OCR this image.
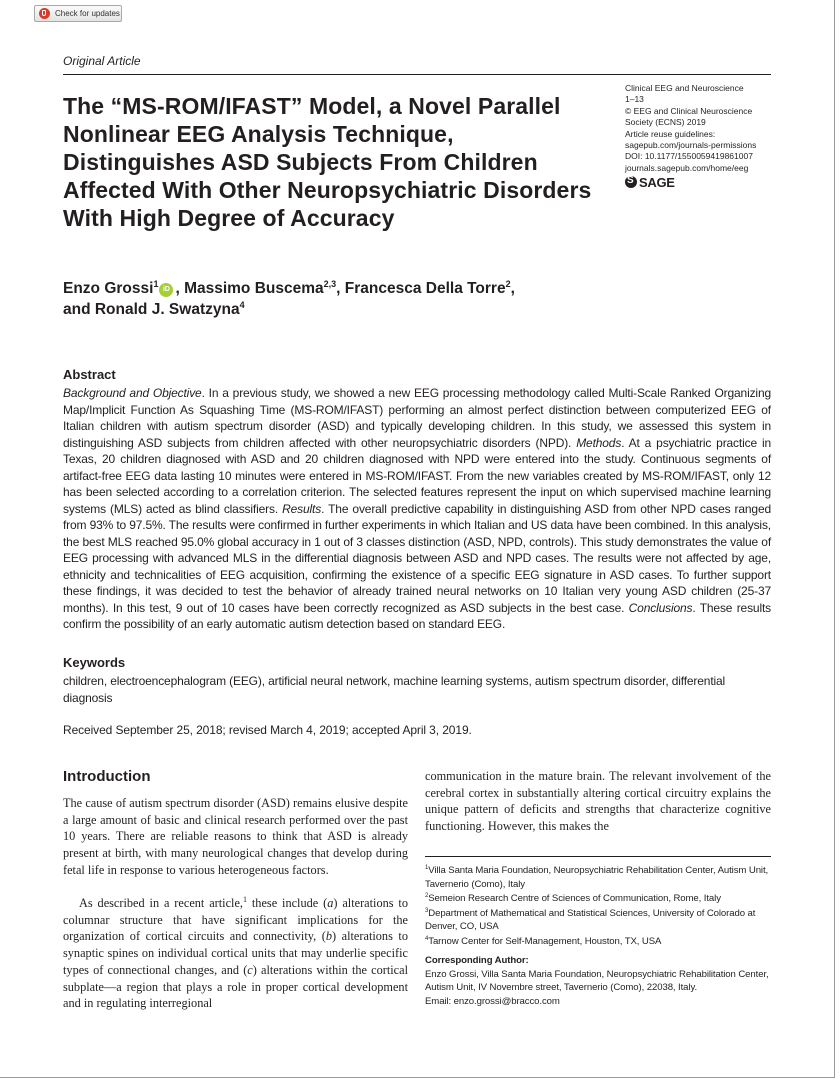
Check for updates
Original Article
The “MS-ROM/IFAST” Model, a Novel Parallel Nonlinear EEG Analysis Technique, Distinguishes ASD Subjects From Children Affected With Other Neuropsychiatric Disorders With High Degree of Accuracy
Clinical EEG and Neuroscience
1–13
© EEG and Clinical Neuroscience
Society (ECNS) 2019
Article reuse guidelines:
sagepub.com/journals-permissions
DOI: 10.1177/1550059419861007
journals.sagepub.com/home/eeg
S
SAGE
Enzo Grossi$^1$iD , Massimo Buscema$^{2,3}$, Francesca Della Torre$^2$,
and Ronald J. Swatzyna$^4$
Abstract

Background and Objective. In a previous study, we showed a new EEG processing methodology called Multi-Scale Ranked Organizing Map/Implicit Function As Squashing Time (MS-ROM/IFAST) performing an almost perfect distinction between computerized EEG of Italian children with autism spectrum disorder (ASD) and typically developing children. In this study, we assessed this system in distinguishing ASD subjects from children affected with other neuropsychiatric disorders (NPD). Methods. At a psychiatric practice in Texas, 20 children diagnosed with ASD and 20 children diagnosed with NPD were entered into the study. Continuous segments of artifact-free EEG data lasting 10 minutes were entered in MS-ROM/IFAST. From the new variables created by MS-ROM/IFAST, only 12 has been selected according to a correlation criterion. The selected features represent the input on which supervised machine learning systems (MLS) acted as blind classifiers. Results. The overall predictive capability in distinguishing ASD from other NPD cases ranged from 93% to 97.5%. The results were confirmed in further experiments in which Italian and US data have been combined. In this analysis, the best MLS reached 95.0% global accuracy in 1 out of 3 classes distinction (ASD, NPD, controls). This study demonstrates the value of EEG processing with advanced MLS in the differential diagnosis between ASD and NPD cases. The results were not affected by age, ethnicity and technicalities of EEG acquisition, confirming the existence of a specific EEG signature in ASD cases. To further support these findings, it was decided to test the behavior of already trained neural networks on 10 Italian very young ASD children (25-37 months). In this test, 9 out of 10 cases have been correctly recognized as ASD subjects in the best case. Conclusions. These results confirm the possibility of an early automatic autism detection based on standard EEG.

Keywords

children, electroencephalogram (EEG), artificial neural network, machine learning systems, autism spectrum disorder, differential diagnosis

Received September 25, 2018; revised March 4, 2019; accepted April 3, 2019.
Introduction

The cause of autism spectrum disorder (ASD) remains elusive despite a large amount of basic and clinical research performed over the past 10 years. There are reliable reasons to think that ASD is already present at birth, with many neurological changes that develop during fetal life in response to various heterogeneous factors.

As described in a recent article,$^1$ these include (a) alterations to columnar structure that have significant implications for the organization of cortical circuits and connectivity, (b) alterations to synaptic spines on individual cortical units that may underlie specific types of connectional changes, and (c) alterations within the cortical subplate—a region that plays a role in proper cortical development and in regulating interregional

communication in the mature brain. The relevant involvement of the cerebral cortex in substantially altering cortical circuitry explains the unique pattern of deficits and strengths that characterize cognitive functioning. However, this makes the

$^1$Villa Santa Maria Foundation, Neuropsychiatric Rehabilitation Center, Autism Unit, Tavernerio (Como), Italy
$^2$Semeion Research Centre of Sciences of Communication, Rome, Italy
$^3$Department of Mathematical and Statistical Sciences, University of Colorado at Denver, CO, USA
$^4$Tarnow Center for Self-Management, Houston, TX, USA
Corresponding Author:
Enzo Grossi, Villa Santa Maria Foundation, Neuropsychiatric Rehabilitation Center, Autism Unit, IV Novembre street, Tavernerio (Como), 22038, Italy.
Email: enzo.grossi@bracco.com
